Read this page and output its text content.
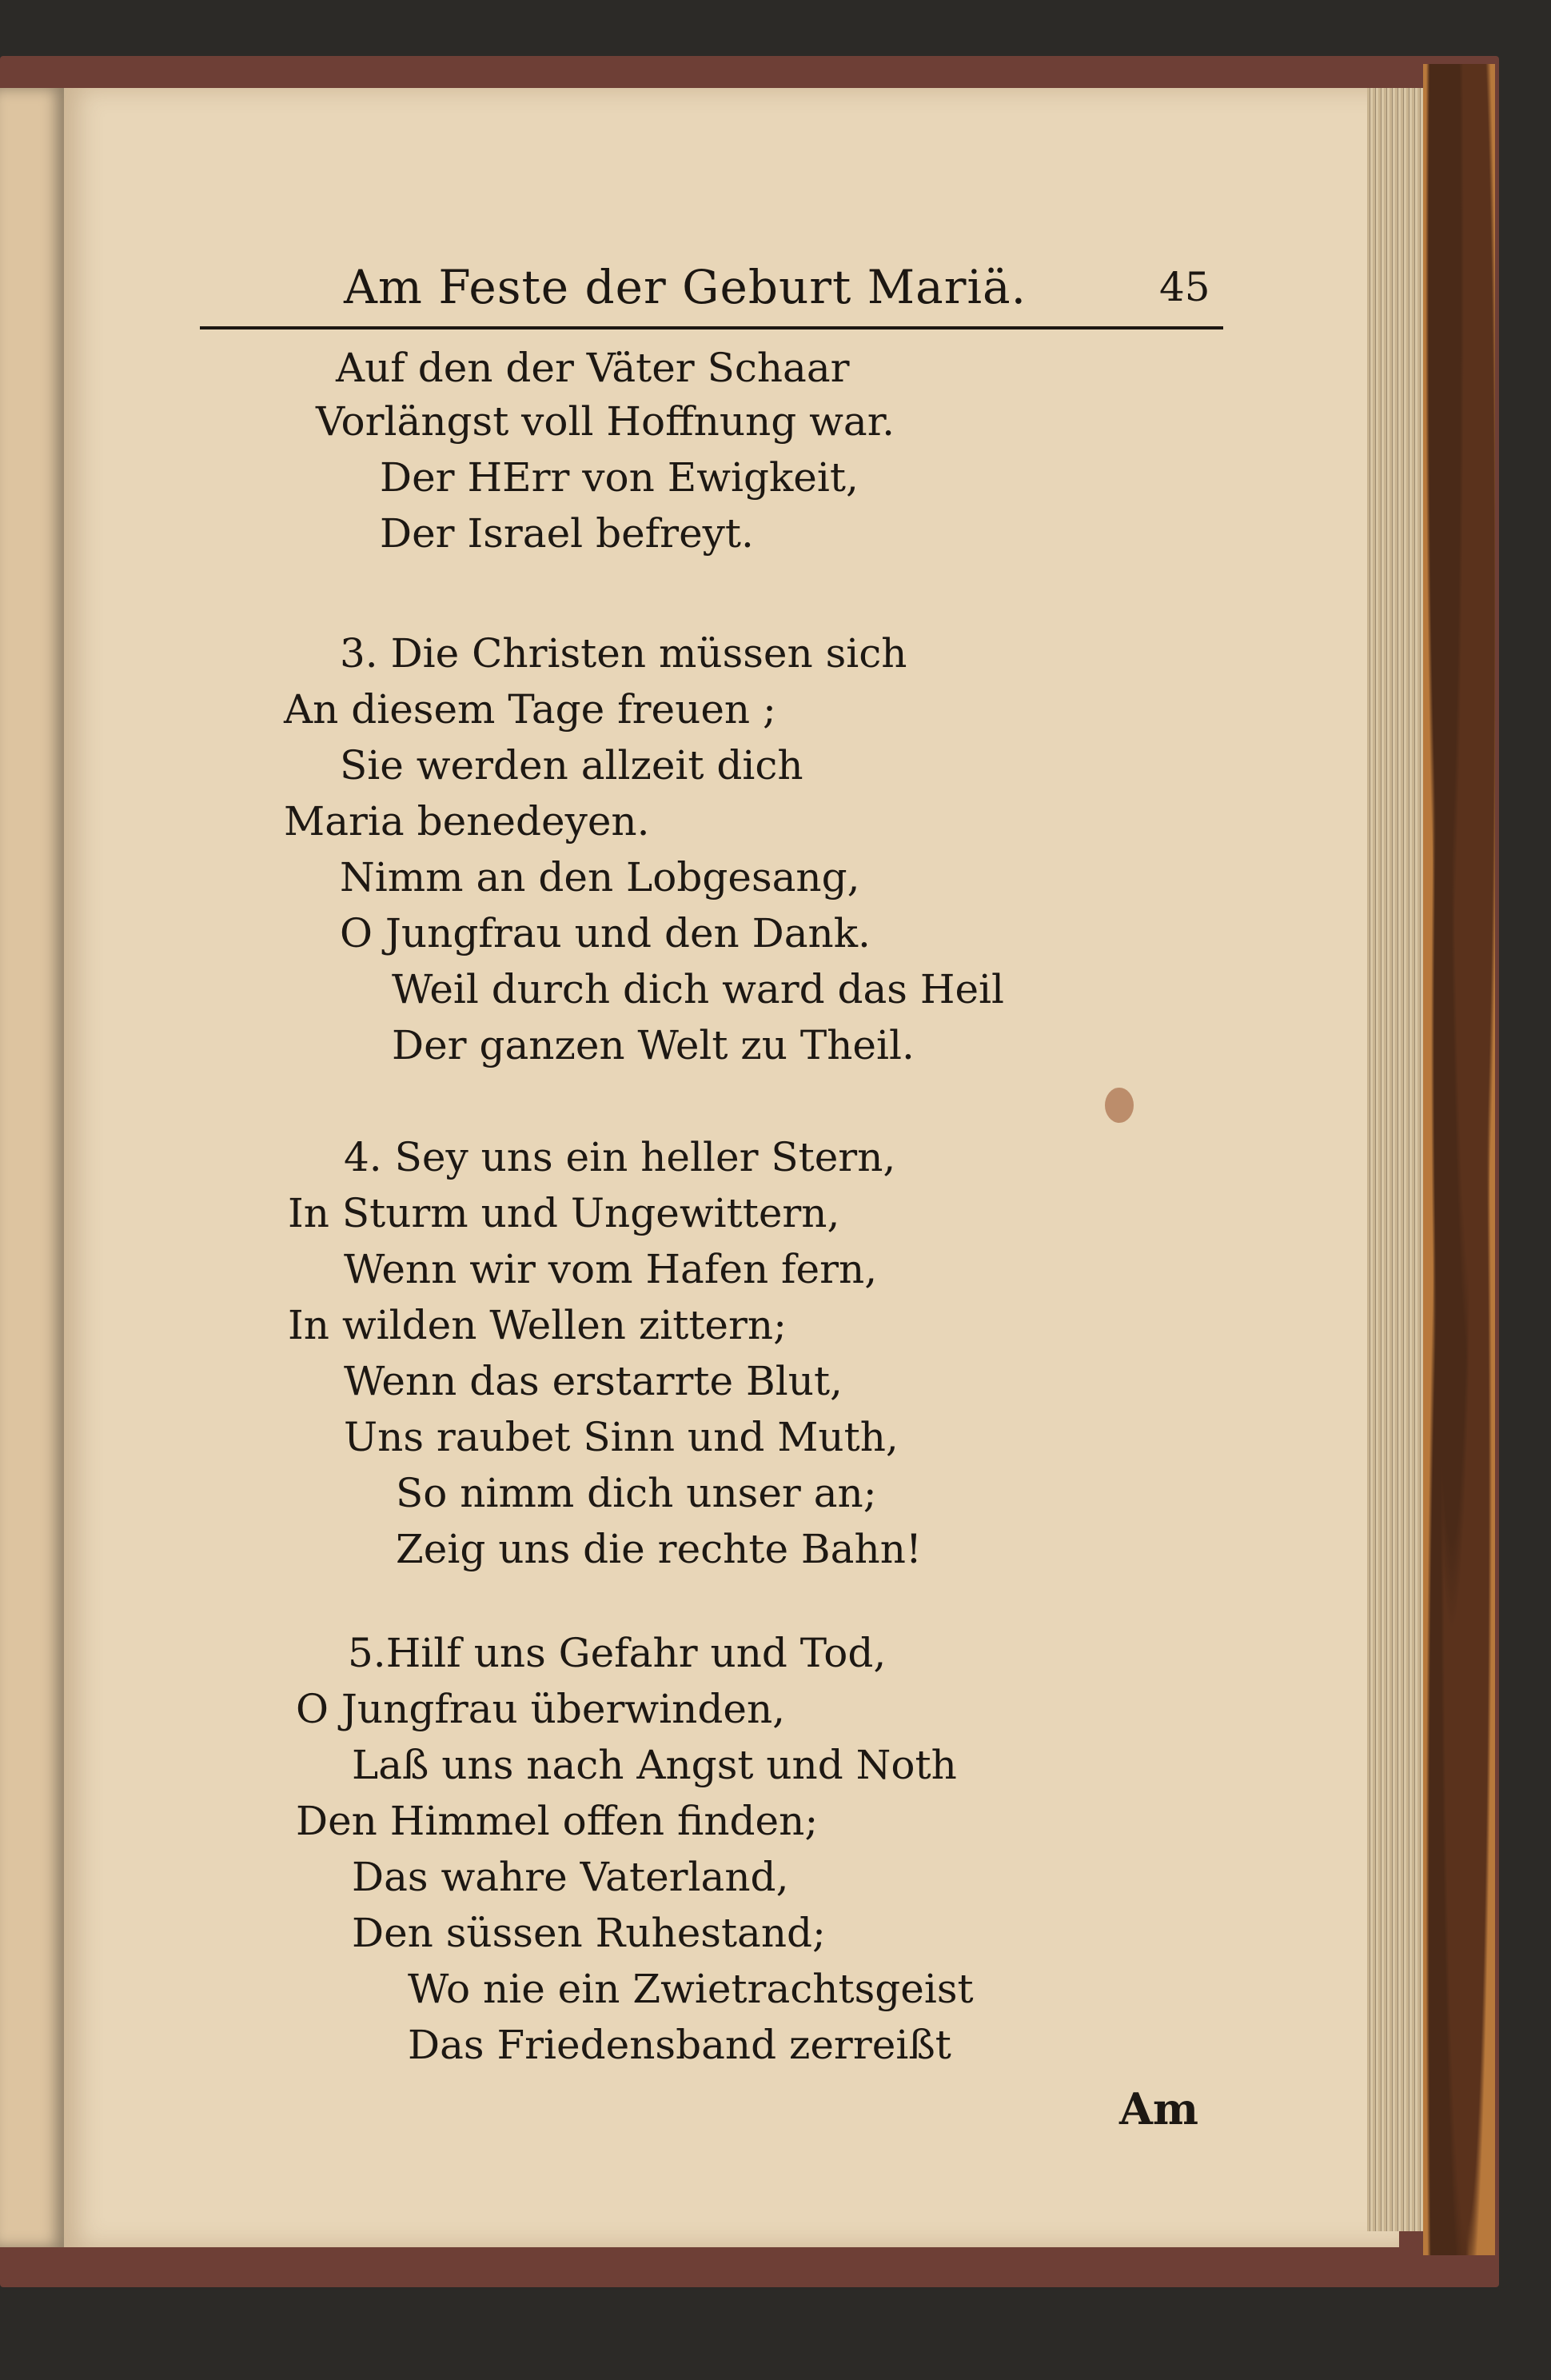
Am Feste der Geburt Mariä.	45
Auf den der Väter Schaar
Vorlängst voll Hoffnung war.
Der HErr von Ewigkeit,
Der Israel befreyt.
3. Die Christen müssen sich
An diesem Tage freuen ;
Sie werden allzeit dich
Maria benedeyen.
Nimm an den Lobgesang,
O Jungfrau und den Dank.
Weil durch dich ward das Heil
Der ganzen Welt zu Theil.
4. Sey uns ein heller Stern,
In Sturm und Ungewittern,
Wenn wir vom Hafen fern,
In wilden Wellen zittern;
Wenn das erstarrte Blut,
Uns raubet Sinn und Muth,
So nimm dich unser an;
Zeig uns die rechte Bahn!
5.Hilf uns Gefahr und Tod,
O Jungfrau überwinden,
Laß uns nach Angst und Noth
Den Himmel offen finden;
Das wahre Vaterland,
Den süssen Ruhestand;
Wo nie ein Zwietrachtsgeist
Das Friedensband zerreißt
Am
